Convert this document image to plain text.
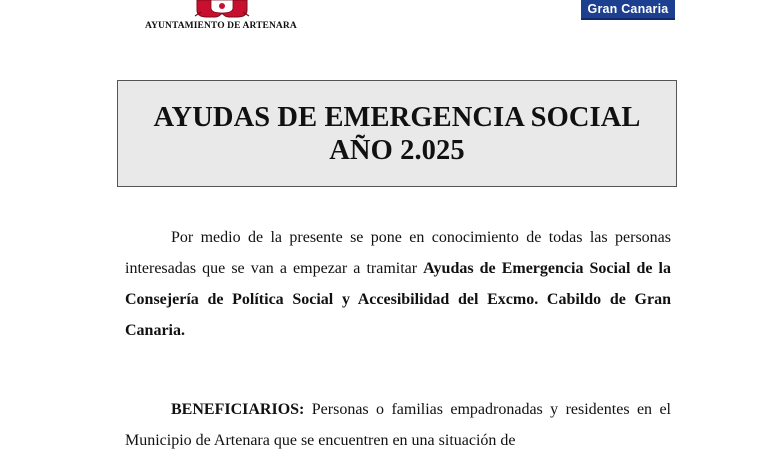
AYUNTAMIENTO DE ARTENARA
Gran Canaria
AYUDAS DE EMERGENCIA SOCIAL
AÑO 2.025
Por medio de la presente se pone en conocimiento de todas las personas interesadas que se van a empezar a tramitar Ayudas de Emergencia Social de la Consejería de Política Social y Accesibilidad del Excmo. Cabildo de Gran Canaria.
BENEFICIARIOS: Personas o familias empadronadas y residentes en el Municipio de Artenara que se encuentren en una situación de
